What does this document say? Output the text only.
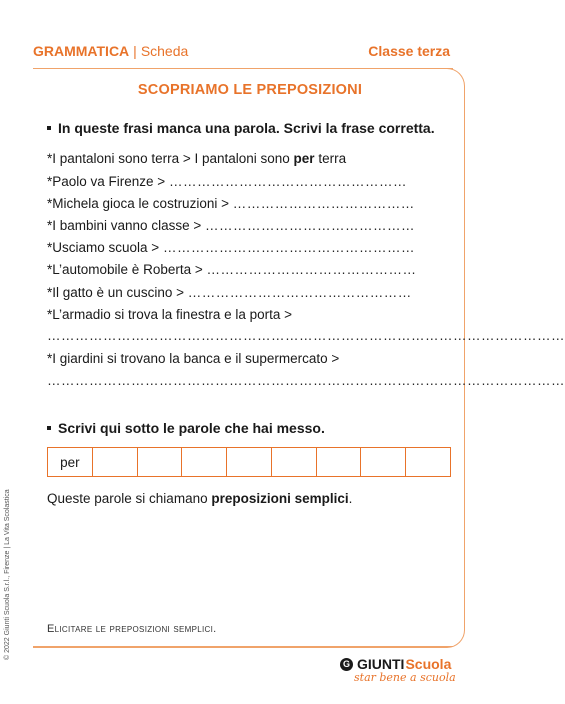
GRAMMATICA | Scheda	Classe terza
SCOPRIAMO LE PREPOSIZIONI
In queste frasi manca una parola. Scrivi la frase corretta.
*I pantaloni sono terra > I pantaloni sono per terra
*Paolo va Firenze > ……………………………………………
*Michela gioca le costruzioni > …………………………………
*I bambini vanno classe > ………………………………………
*Usciamo scuola > ………………………………………………
*L’automobile è Roberta > ………………………………………
*Il gatto è un cuscino > …………………………………………
*L’armadio si trova la finestra e la porta >
…………………………………………………………………………………………………
*I giardini si trovano la banca e il supermercato >
…………………………………………………………………………………………………
Scrivi qui sotto le parole che hai messo.
per
Queste parole si chiamano preposizioni semplici.
Elicitare le preposizioni semplici.
© 2022 Giunti Scuola S.r.l., Firenze | La Vita Scolastica
G GIUNTI Scuola
star bene a scuola
